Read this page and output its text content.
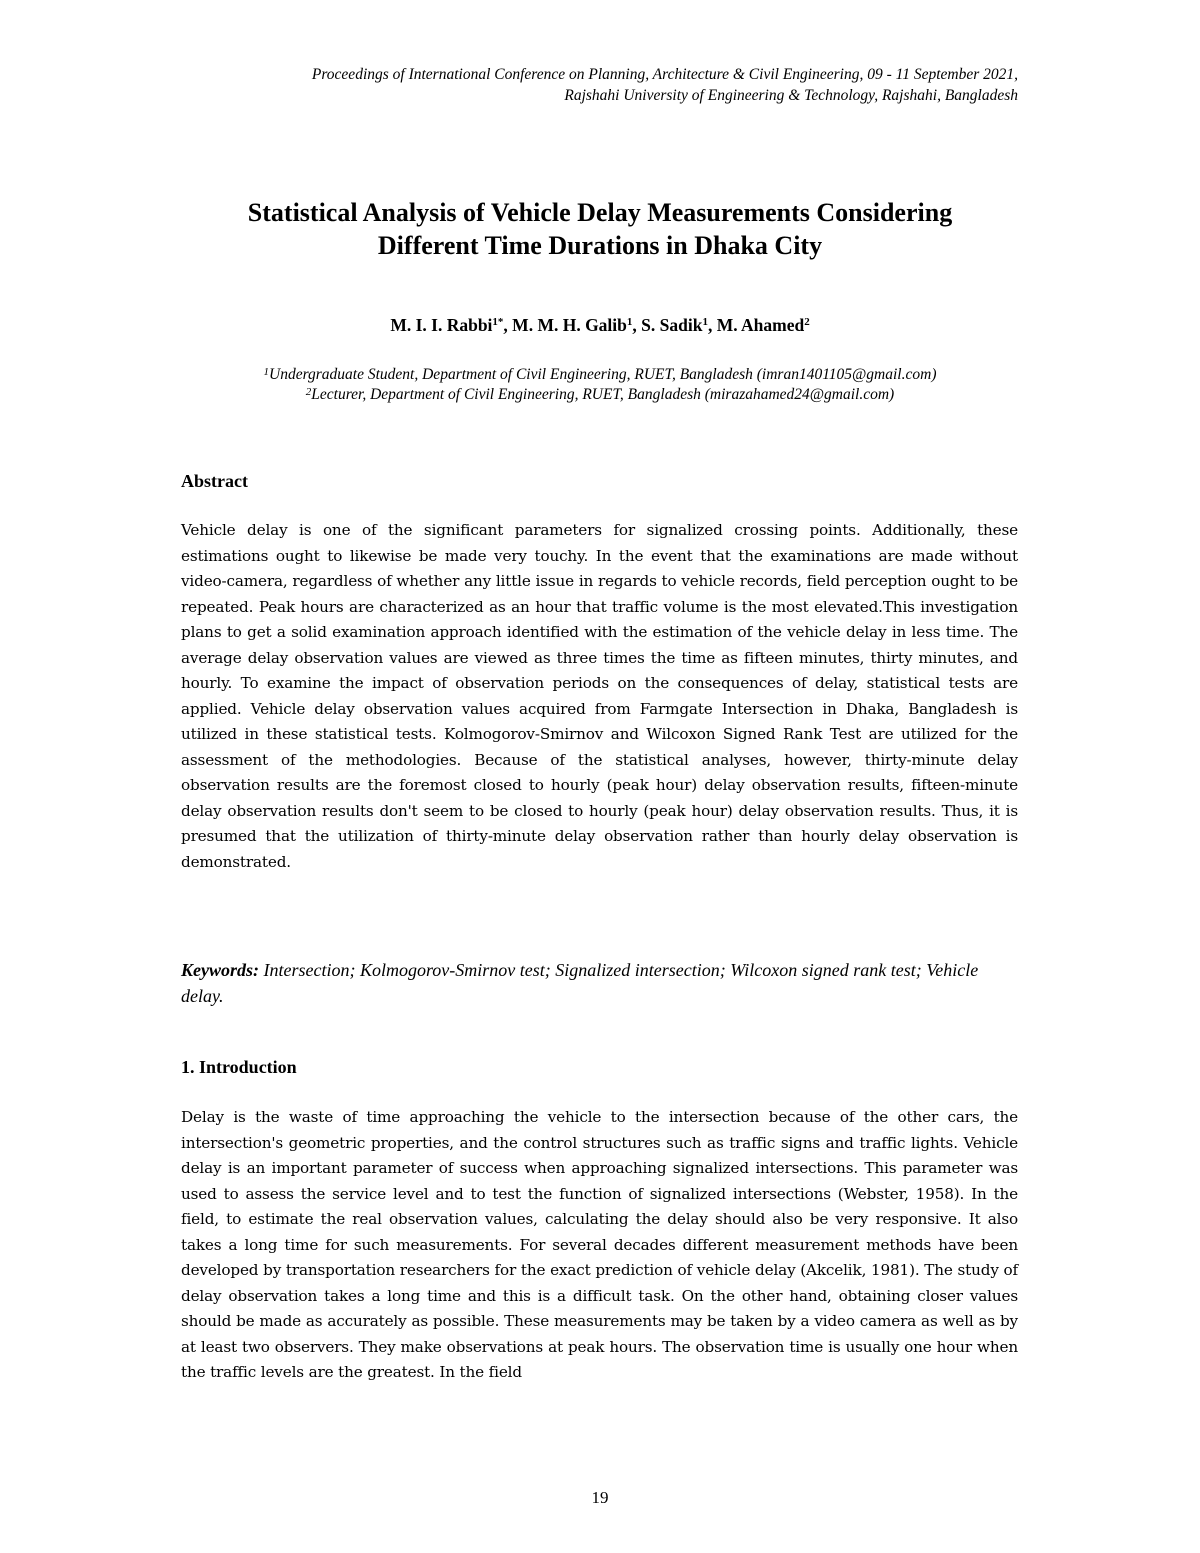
Proceedings of International Conference on Planning, Architecture & Civil Engineering, 09 - 11 September 2021,
Rajshahi University of Engineering & Technology, Rajshahi, Bangladesh
Statistical Analysis of Vehicle Delay Measurements Considering
Different Time Durations in Dhaka City
M. I. I. Rabbi$^{1*}$, M. M. H. Galib$^1$, S. Sadik$^1$, M. Ahamed$^2$
$^1$Undergraduate Student, Department of Civil Engineering, RUET, Bangladesh (imran1401105@gmail.com)
$^2$Lecturer, Department of Civil Engineering, RUET, Bangladesh (mirazahamed24@gmail.com)
Abstract
Vehicle delay is one of the significant parameters for signalized crossing points. Additionally, these estimations ought to likewise be made very touchy. In the event that the examinations are made without video-camera, regardless of whether any little issue in regards to vehicle records, field perception ought to be repeated. Peak hours are characterized as an hour that traffic volume is the most elevated.This investigation plans to get a solid examination approach identified with the estimation of the vehicle delay in less time. The average delay observation values are viewed as three times the time as fifteen minutes, thirty minutes, and hourly. To examine the impact of observation periods on the consequences of delay, statistical tests are applied. Vehicle delay observation values acquired from Farmgate Intersection in Dhaka, Bangladesh is utilized in these statistical tests. Kolmogorov-Smirnov and Wilcoxon Signed Rank Test are utilized for the assessment of the methodologies. Because of the statistical analyses, however, thirty-minute delay observation results are the foremost closed to hourly (peak hour) delay observation results, fifteen-minute delay observation results don't seem to be closed to hourly (peak hour) delay observation results. Thus, it is presumed that the utilization of thirty-minute delay observation rather than hourly delay observation is demonstrated.
Keywords: Intersection; Kolmogorov-Smirnov test; Signalized intersection; Wilcoxon signed rank test; Vehicle delay.
1. Introduction
Delay is the waste of time approaching the vehicle to the intersection because of the other cars, the intersection's geometric properties, and the control structures such as traffic signs and traffic lights. Vehicle delay is an important parameter of success when approaching signalized intersections. This parameter was used to assess the service level and to test the function of signalized intersections (Webster, 1958). In the field, to estimate the real observation values, calculating the delay should also be very responsive. It also takes a long time for such measurements. For several decades different measurement methods have been developed by transportation researchers for the exact prediction of vehicle delay (Akcelik, 1981). The study of delay observation takes a long time and this is a difficult task. On the other hand, obtaining closer values should be made as accurately as possible. These measurements may be taken by a video camera as well as by at least two observers. They make observations at peak hours. The observation time is usually one hour when the traffic levels are the greatest. In the field
19
